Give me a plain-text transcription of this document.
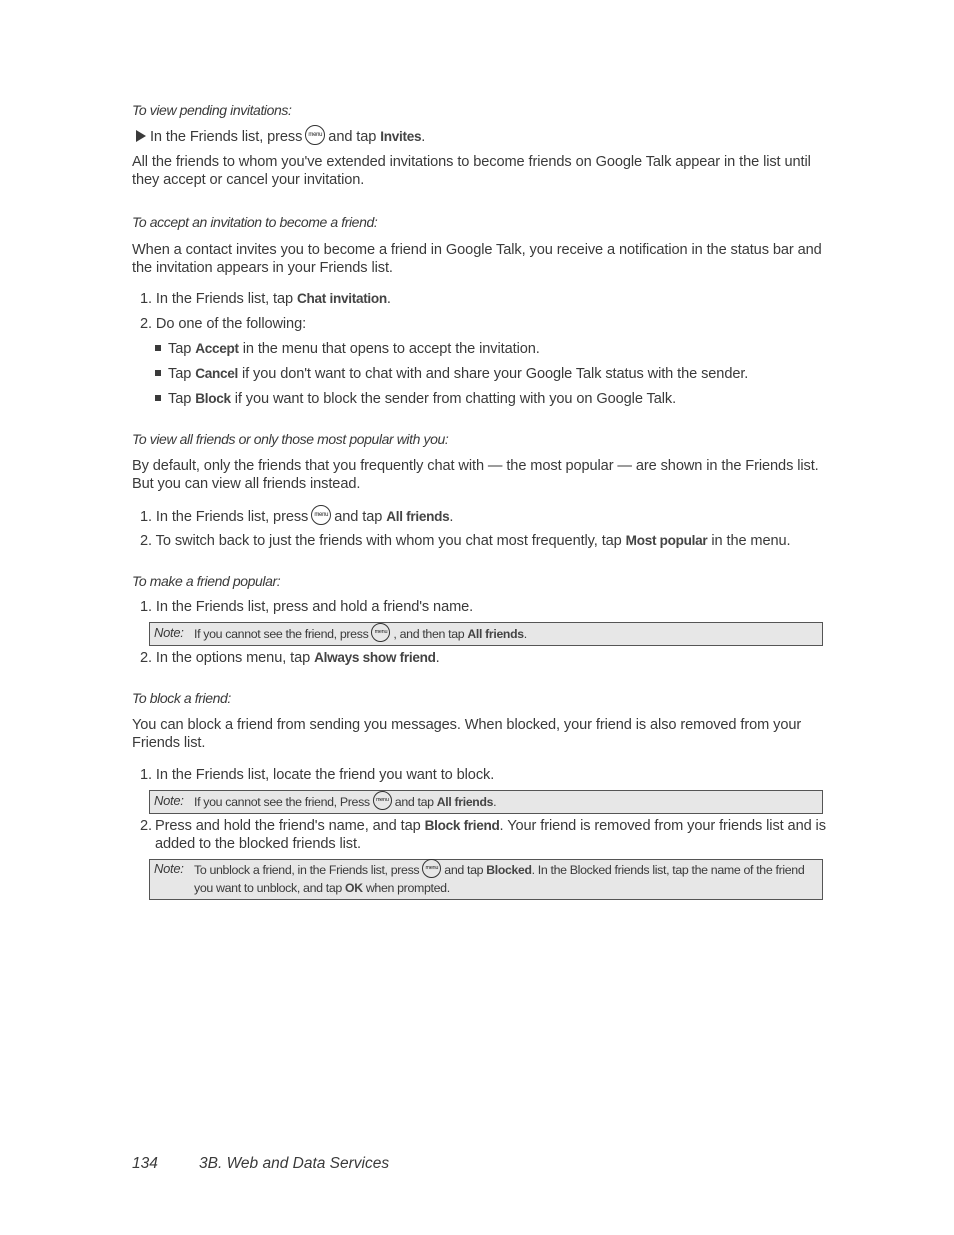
To view pending invitations:
In the Friends list, press menu and tap Invites.
All the friends to whom you've extended invitations to become friends on Google Talk appear in the list until they accept or cancel your invitation.
To accept an invitation to become a friend:
When a contact invites you to become a friend in Google Talk, you receive a notification in the status bar and the invitation appears in your Friends list.
1. In the Friends list, tap Chat invitation.
2. Do one of the following:
Tap Accept in the menu that opens to accept the invitation.
Tap Cancel if you don't want to chat with and share your Google Talk status with the sender.
Tap Block if you want to block the sender from chatting with you on Google Talk.
To view all friends or only those most popular with you:
By default, only the friends that you frequently chat with — the most popular — are shown in the Friends list. But you can view all friends instead.
1. In the Friends list, press menu and tap All friends.
2. To switch back to just the friends with whom you chat most frequently, tap Most popular in the menu.
To make a friend popular:
1. In the Friends list, press and hold a friend's name.
Note: If you cannot see the friend, press menu , and then tap All friends.
2. In the options menu, tap Always show friend.
To block a friend:
You can block a friend from sending you messages. When blocked, your friend is also removed from your Friends list.
1. In the Friends list, locate the friend you want to block.
Note: If you cannot see the friend, Press menu and tap All friends.
2. Press and hold the friend's name, and tap Block friend. Your friend is removed from your friends list and is added to the blocked friends list.
Note: To unblock a friend, in the Friends list, press menu and tap Blocked. In the Blocked friends list, tap the name of the friend you want to unblock, and tap OK when prompted.
134	3B. Web and Data Services
